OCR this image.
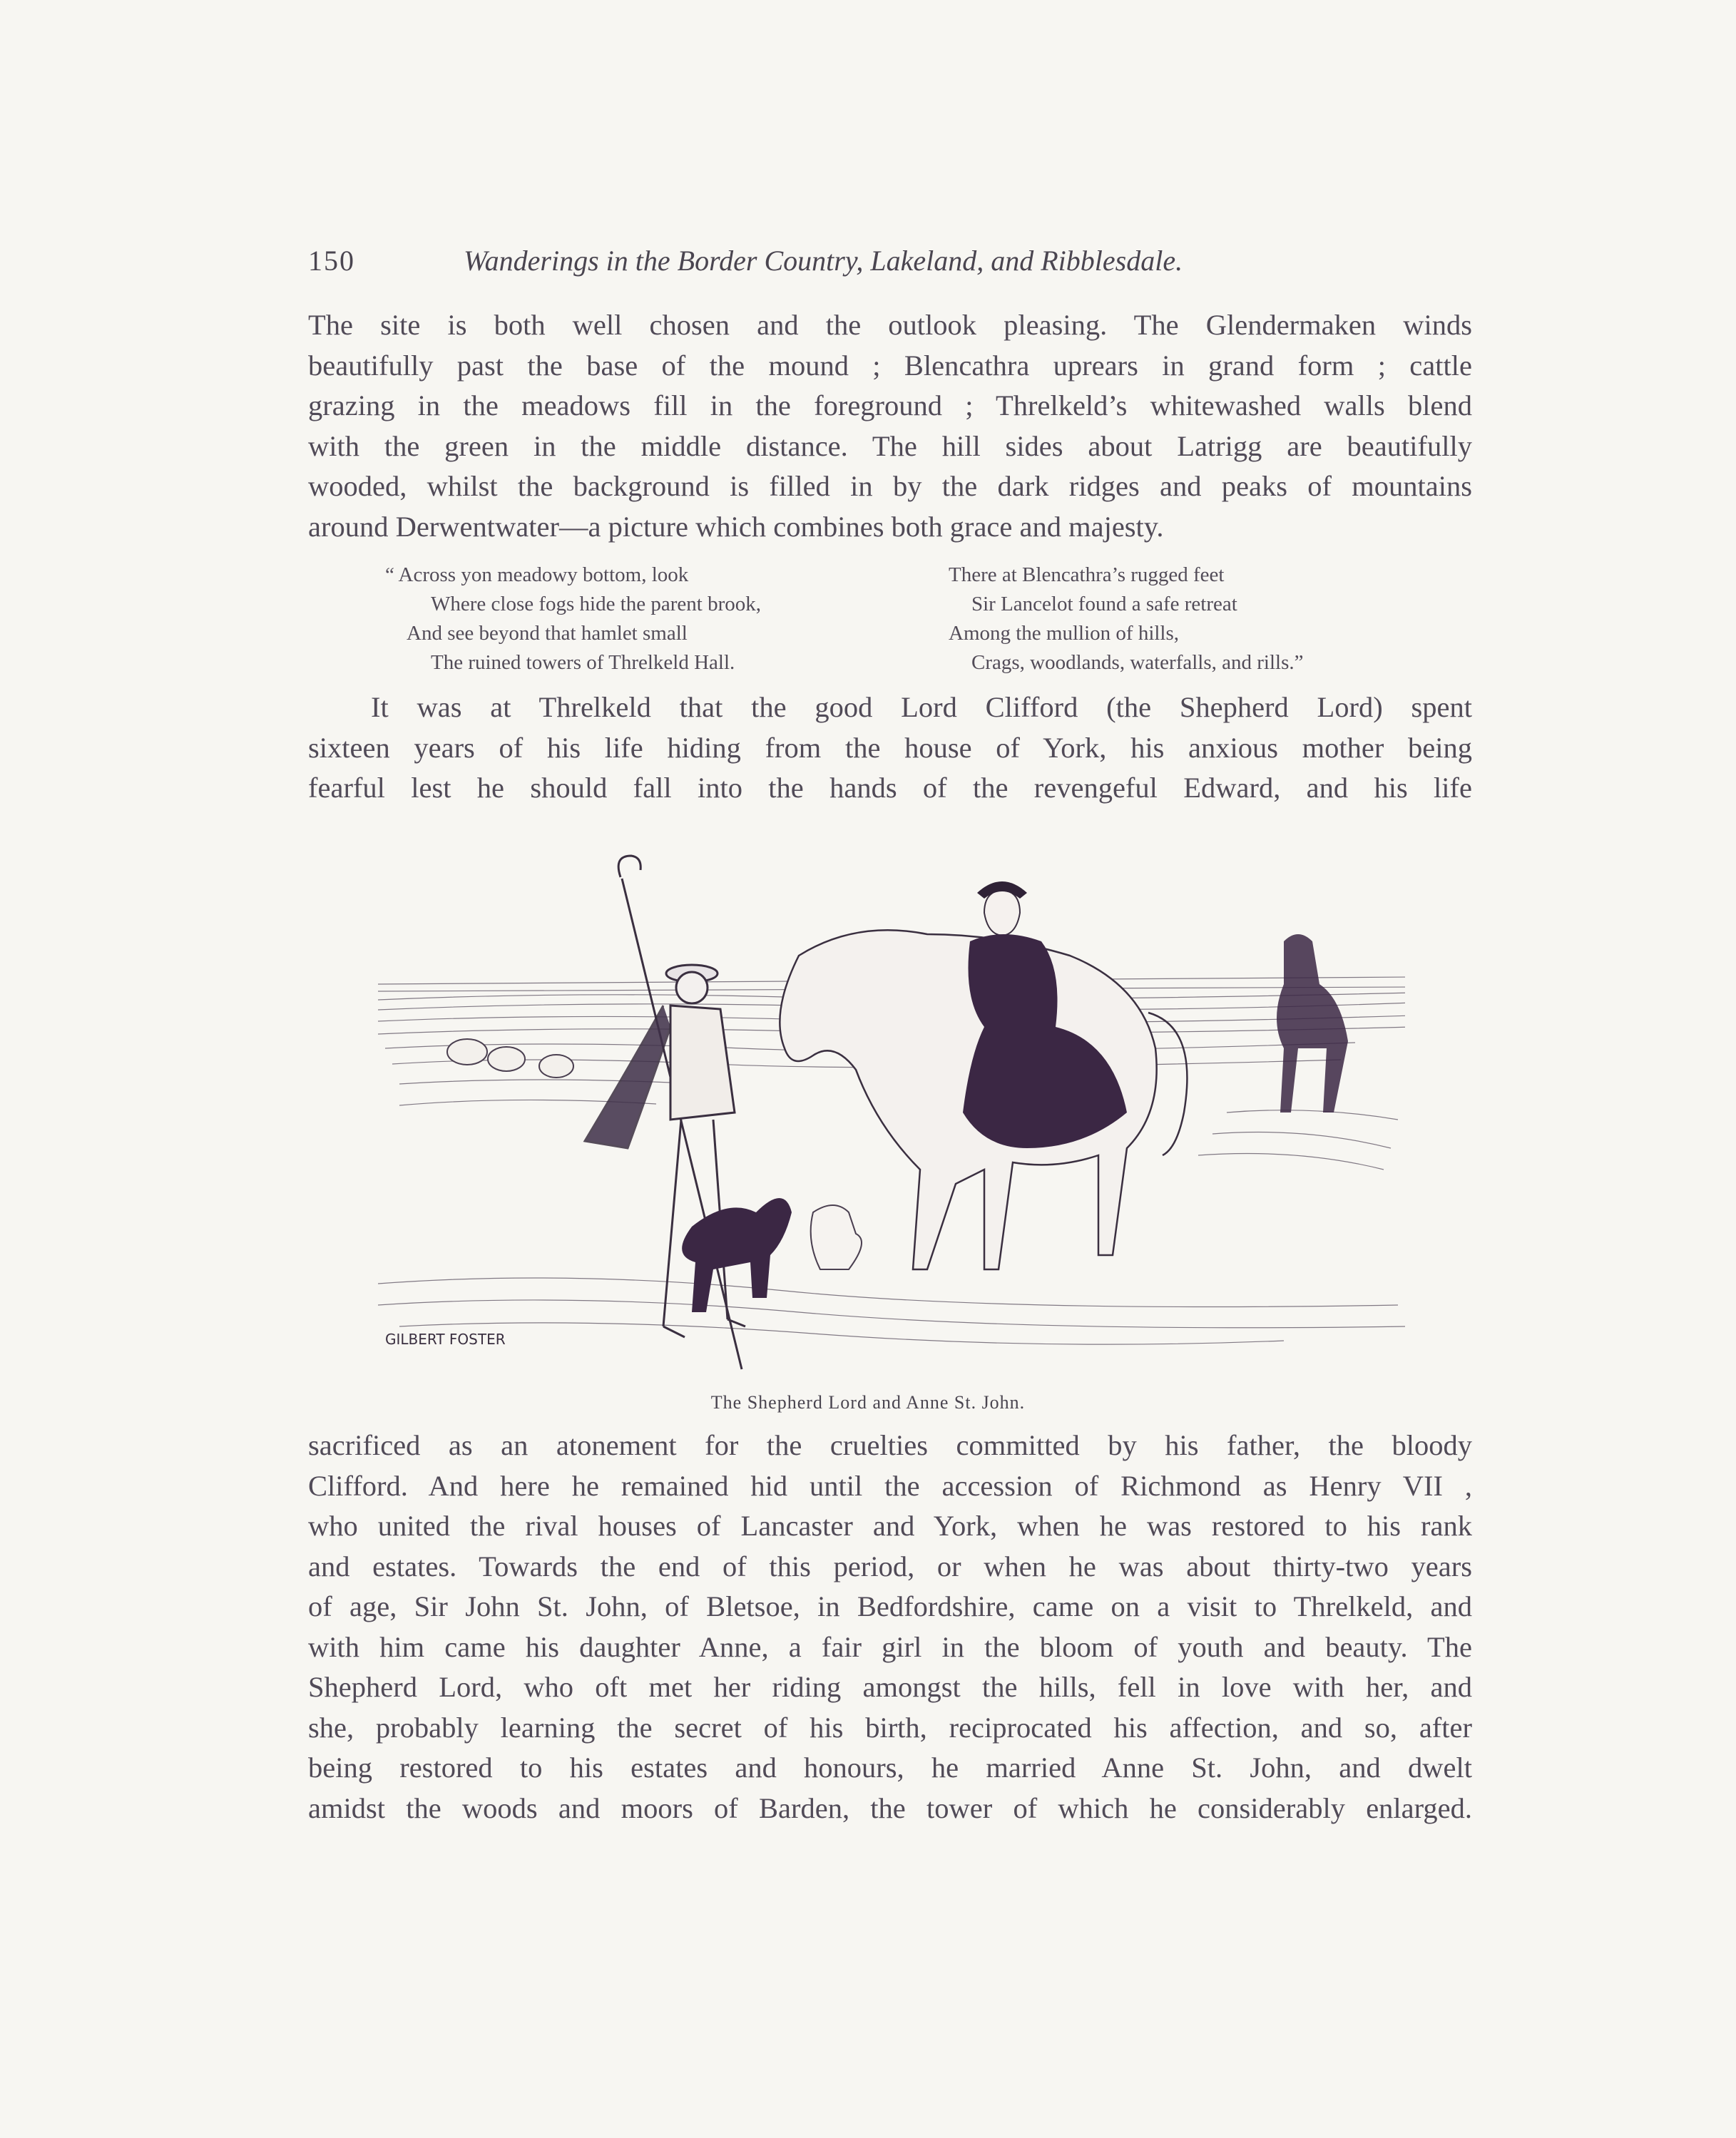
150	Wanderings in the Border Country, Lakeland, and Ribblesdale.
The site is both well chosen and the outlook pleasing. The Glendermaken winds
beautifully past the base of the mound ; Blencathra uprears in grand form ; cattle
grazing in the meadows fill in the foreground ; Threlkeld’s whitewashed walls blend
with the green in the middle distance. The hill sides about Latrigg are beautifully
wooded, whilst the background is filled in by the dark ridges and peaks of mountains
around Derwentwater—a picture which combines both grace and majesty.
“ Across yon meadowy bottom, look
Where close fogs hide the parent brook,
And see beyond that hamlet small
The ruined towers of Threlkeld Hall.
There at Blencathra’s rugged feet
Sir Lancelot found a safe retreat
Among the mullion of hills,
Crags, woodlands, waterfalls, and rills.”
It was at Threlkeld that the good Lord Clifford (the Shepherd Lord) spent
sixteen years of his life hiding from the house of York, his anxious mother being
fearful lest he should fall into the hands of the revengeful Edward, and his life
GILBERT FOSTER
The Shepherd Lord and Anne St. John.
sacrificed as an atonement for the cruelties committed by his father, the bloody
Clifford. And here he remained hid until the accession of Richmond as Henry VII ,
who united the rival houses of Lancaster and York, when he was restored to his rank
and estates. Towards the end of this period, or when he was about thirty-two years
of age, Sir John St. John, of Bletsoe, in Bedfordshire, came on a visit to Threlkeld, and
with him came his daughter Anne, a fair girl in the bloom of youth and beauty. The
Shepherd Lord, who oft met her riding amongst the hills, fell in love with her, and
she, probably learning the secret of his birth, reciprocated his affection, and so, after
being restored to his estates and honours, he married Anne St. John, and dwelt
amidst the woods and moors of Barden, the tower of which he considerably enlarged.
